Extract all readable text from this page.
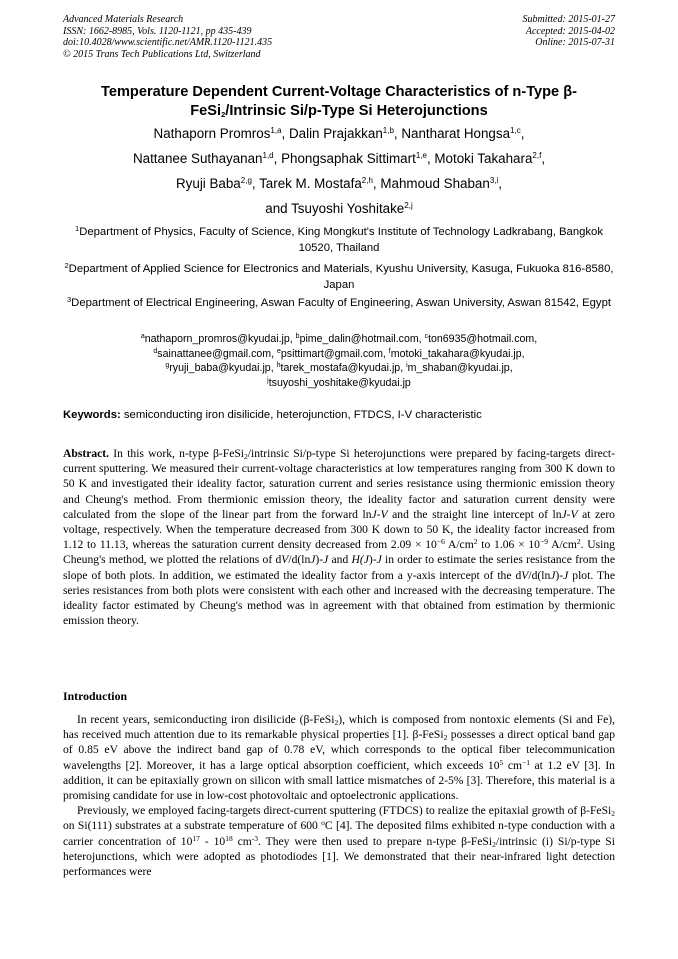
Advanced Materials Research
ISSN: 1662-8985, Vols. 1120-1121, pp 435-439
doi:10.4028/www.scientific.net/AMR.1120-1121.435
© 2015 Trans Tech Publications Ltd, Switzerland
Submitted: 2015-01-27
Accepted: 2015-04-02
Online: 2015-07-31
Temperature Dependent Current-Voltage Characteristics of n-Type β-FeSi$_2$/Intrinsic Si/p-Type Si Heterojunctions
Nathaporn Promros$^{1,a}$, Dalin Prajakkan$^{1,b}$, Nantharat Hongsa$^{1,c}$,
Nattanee Suthayanan$^{1,d}$, Phongsaphak Sittimart$^{1,e}$, Motoki Takahara$^{2,f}$,
Ryuji Baba$^{2,g}$, Tarek M. Mostafa$^{2,h}$, Mahmoud Shaban$^{3,i}$,
and Tsuyoshi Yoshitake$^{2,j}$
$^1$Department of Physics, Faculty of Science, King Mongkut's Institute of Technology Ladkrabang, Bangkok 10520, Thailand
$^2$Department of Applied Science for Electronics and Materials, Kyushu University, Kasuga, Fukuoka 816-8580, Japan
$^3$Department of Electrical Engineering, Aswan Faculty of Engineering, Aswan University, Aswan 81542, Egypt
$^a$nathaporn_promros@kyudai.jp, $^b$pime_dalin@hotmail.com, $^c$ton6935@hotmail.com,
$^d$sainattanee@gmail.com, $^e$psittimart@gmail.com, $^f$motoki_takahara@kyudai.jp,
$^g$ryuji_baba@kyudai.jp, $^h$tarek_mostafa@kyudai.jp, $^i$m_shaban@kyudai.jp,
$^j$tsuyoshi_yoshitake@kyudai.jp
Keywords: semiconducting iron disilicide, heterojunction, FTDCS, I-V characteristic
Abstract. In this work, n-type β-FeSi$_2$/intrinsic Si/p-type Si heterojunctions were prepared by facing-targets direct-current sputtering. We measured their current-voltage characteristics at low temperatures ranging from 300 K down to 50 K and investigated their ideality factor, saturation current and series resistance using thermionic emission theory and Cheung's method. From thermionic emission theory, the ideality factor and saturation current density were calculated from the slope of the linear part from the forward lnJ-V and the straight line intercept of lnJ-V at zero voltage, respectively. When the temperature decreased from 300 K down to 50 K, the ideality factor increased from 1.12 to 11.13, whereas the saturation current density decreased from $2.09 \times 10^{-6}$ $A/cm^2$ to $1.06 \times 10^{-9}$ $A/cm^2$. Using Cheung's method, we plotted the relations of dV/d(lnJ)-J and H(J)-J in order to estimate the series resistance from the slope of both plots. In addition, we estimated the ideality factor from a y-axis intercept of the dV/d(lnJ)-J plot. The series resistances from both plots were consistent with each other and increased with the decreasing temperature. The ideality factor estimated by Cheung's method was in agreement with that obtained from estimation by thermionic emission theory.
Introduction

In recent years, semiconducting iron disilicide (β-FeSi$_2$), which is composed from nontoxic elements (Si and Fe), has received much attention due to its remarkable physical properties [1]. β-FeSi$_2$ possesses a direct optical band gap of 0.85 eV above the indirect band gap of 0.78 eV, which corresponds to the optical fiber telecommunication wavelengths [2]. Moreover, it has a large optical absorption coefficient, which exceeds $10^5$ $cm^{-1}$ at 1.2 eV [3]. In addition, it can be epitaxially grown on silicon with small lattice mismatches of 2-5% [3]. Therefore, this material is a promising candidate for use in low-cost photovoltaic and optoelectronic applications.

Previously, we employed facing-targets direct-current sputtering (FTDCS) to realize the epitaxial growth of β-FeSi$_2$ on Si(111) substrates at a substrate temperature of 600 $^o$C [4]. The deposited films exhibited n-type conduction with a carrier concentration of $10^{17} - 10^{18}$ $cm^{-3}$. They were then used to prepare n-type β-FeSi$_2$/intrinsic (i) Si/p-type Si heterojunctions, which were adopted as photodiodes [1]. We demonstrated that their near-infrared light detection performances were
